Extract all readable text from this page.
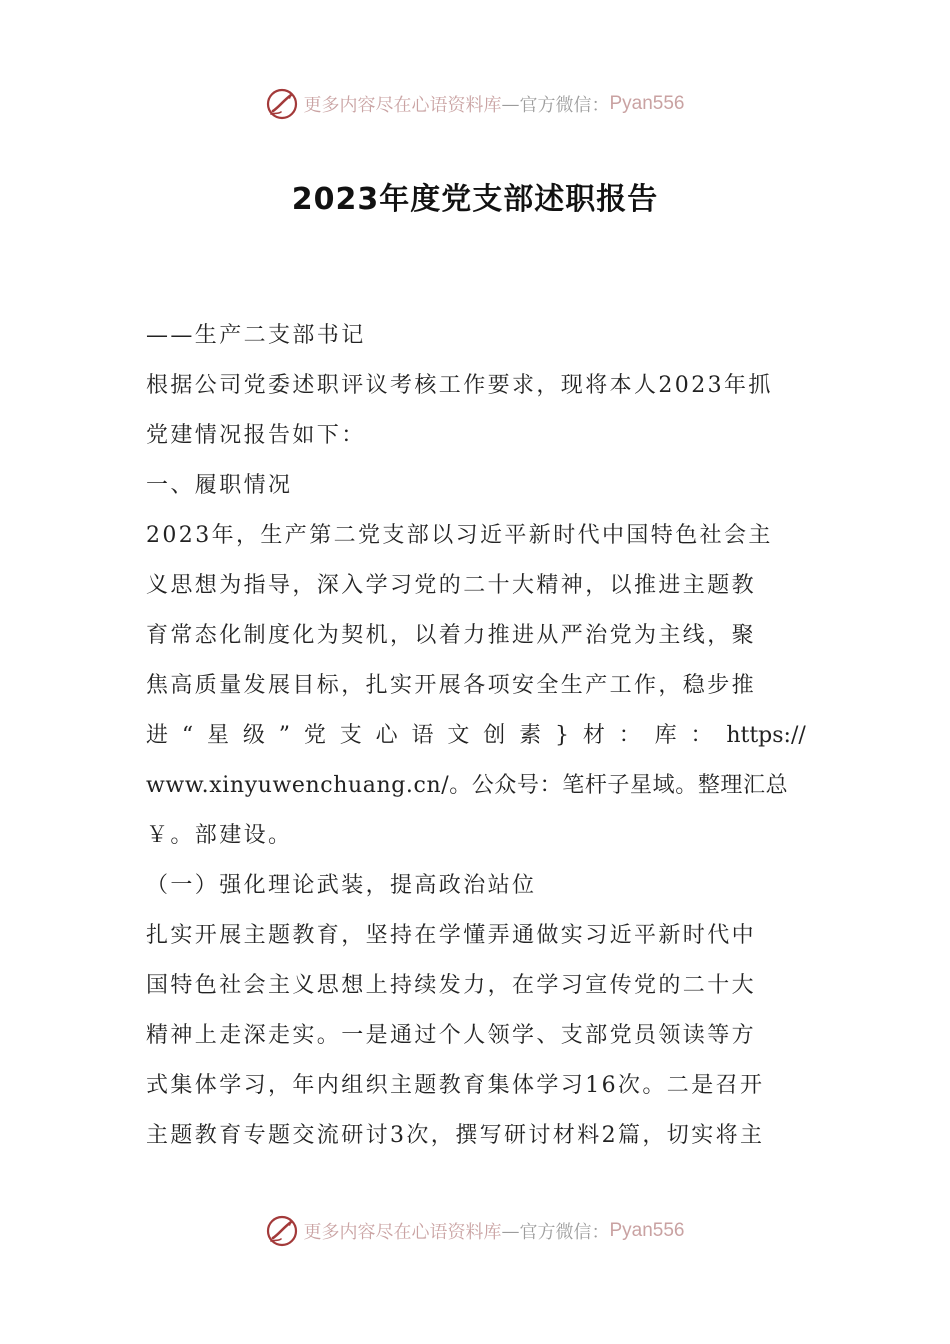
更多内容尽在心语资料库 — 官方微信： Pyan556
2023年度党支部述职报告
——生产二支部书记
根据公司党委述职评议考核工作要求，现将本人2023年抓
党建情况报告如下：
一、履职情况
2023年，生产第二党支部以习近平新时代中国特色社会主
义思想为指导，深入学习党的二十大精神，以推进主题教
育常态化制度化为契机，以着力推进从严治党为主线，聚
焦高质量发展目标，扎实开展各项安全生产工作，稳步推
进 “ 星 级 ” 党 支 心 语 文 创 素 } 材 ： 库 ： https://
www.xinyuwenchuang.cn/。公众号：笔杆子星域。整理汇总
￥。部建设。
（一）强化理论武装，提高政治站位
扎实开展主题教育，坚持在学懂弄通做实习近平新时代中
国特色社会主义思想上持续发力，在学习宣传党的二十大
精神上走深走实。一是通过个人领学、支部党员领读等方
式集体学习，年内组织主题教育集体学习16次。二是召开
主题教育专题交流研讨3次，撰写研讨材料2篇，切实将主
更多内容尽在心语资料库 — 官方微信： Pyan556
